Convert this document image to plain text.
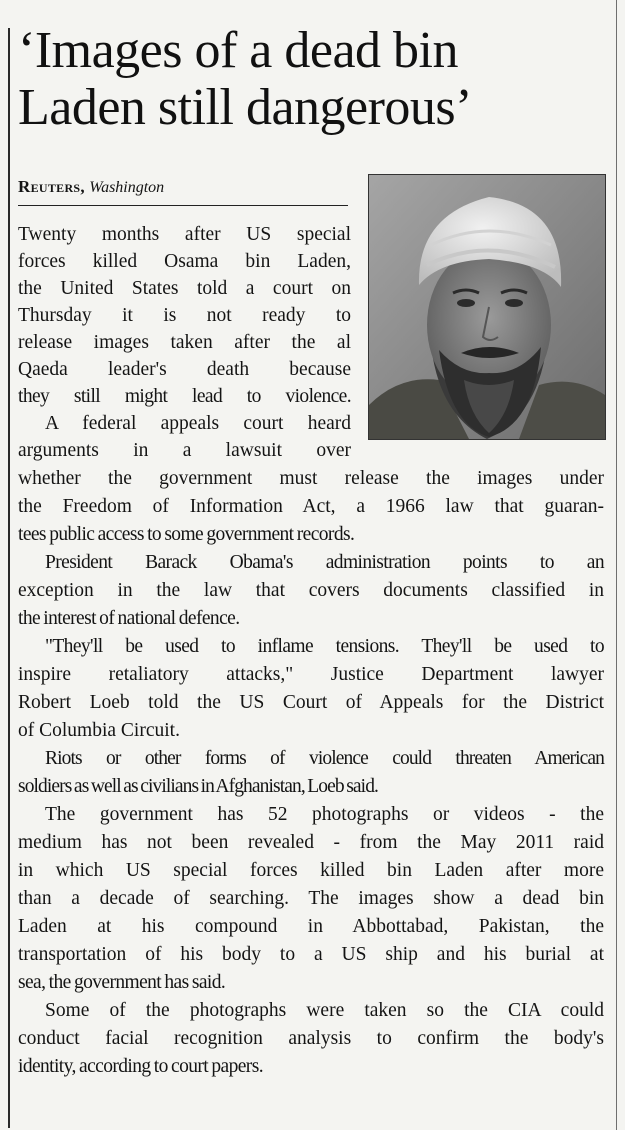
‘Images of a dead bin
Laden still dangerous’
Reuters, Washington

Twenty months after US special

forces killed Osama bin Laden,

the United States told a court on

Thursday it is not ready to

release images taken after the al

Qaeda leader's death because

they still might lead to violence.

A federal appeals court heard

arguments in a lawsuit over

whether the government must release the images under

the Freedom of Information Act, a 1966 law that guaran-

tees public access to some government records.

President Barack Obama's administration points to an

exception in the law that covers documents classified in

the interest of national defence.

"They'll be used to inflame tensions. They'll be used to

inspire retaliatory attacks," Justice Department lawyer

Robert Loeb told the US Court of Appeals for the District

of Columbia Circuit.

Riots or other forms of violence could threaten American

soldiers as well as civilians in Afghanistan, Loeb said.

The government has 52 photographs or videos - the

medium has not been revealed - from the May 2011 raid

in which US special forces killed bin Laden after more

than a decade of searching. The images show a dead bin

Laden at his compound in Abbottabad, Pakistan, the

transportation of his body to a US ship and his burial at

sea, the government has said.

Some of the photographs were taken so the CIA could

conduct facial recognition analysis to confirm the body's

identity, according to court papers.
